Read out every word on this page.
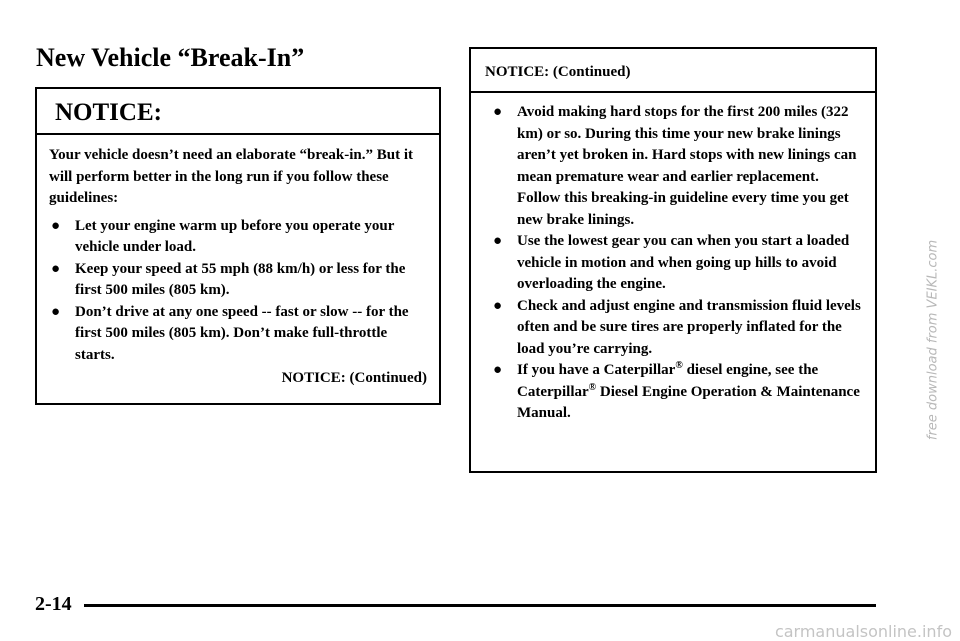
New Vehicle “Break‑In”
NOTICE:

Your vehicle doesn’t need an elaborate “break‑in.” But it will perform better in the long run if you follow these guidelines:

● Let your engine warm up before you operate your vehicle under load.
● Keep your speed at 55 mph (88 km/h) or less for the first 500 miles (805 km).
● Don’t drive at any one speed ‑‑ fast or slow ‑‑ for the first 500 miles (805 km). Don’t make full‑throttle starts.
NOTICE: (Continued)
NOTICE: (Continued)
● Avoid making hard stops for the first 200 miles (322 km) or so. During this time your new brake linings aren’t yet broken in. Hard stops with new linings can mean premature wear and earlier replacement. Follow this breaking‑in guideline every time you get new brake linings.
● Use the lowest gear you can when you start a loaded vehicle in motion and when going up hills to avoid overloading the engine.
● Check and adjust engine and transmission fluid levels often and be sure tires are properly inflated for the load you’re carrying.
● If you have a Caterpillar® diesel engine, see the Caterpillar® Diesel Engine Operation & Maintenance Manual.
2‑14
free download from VEIKL.com
carmanualsonline.info
